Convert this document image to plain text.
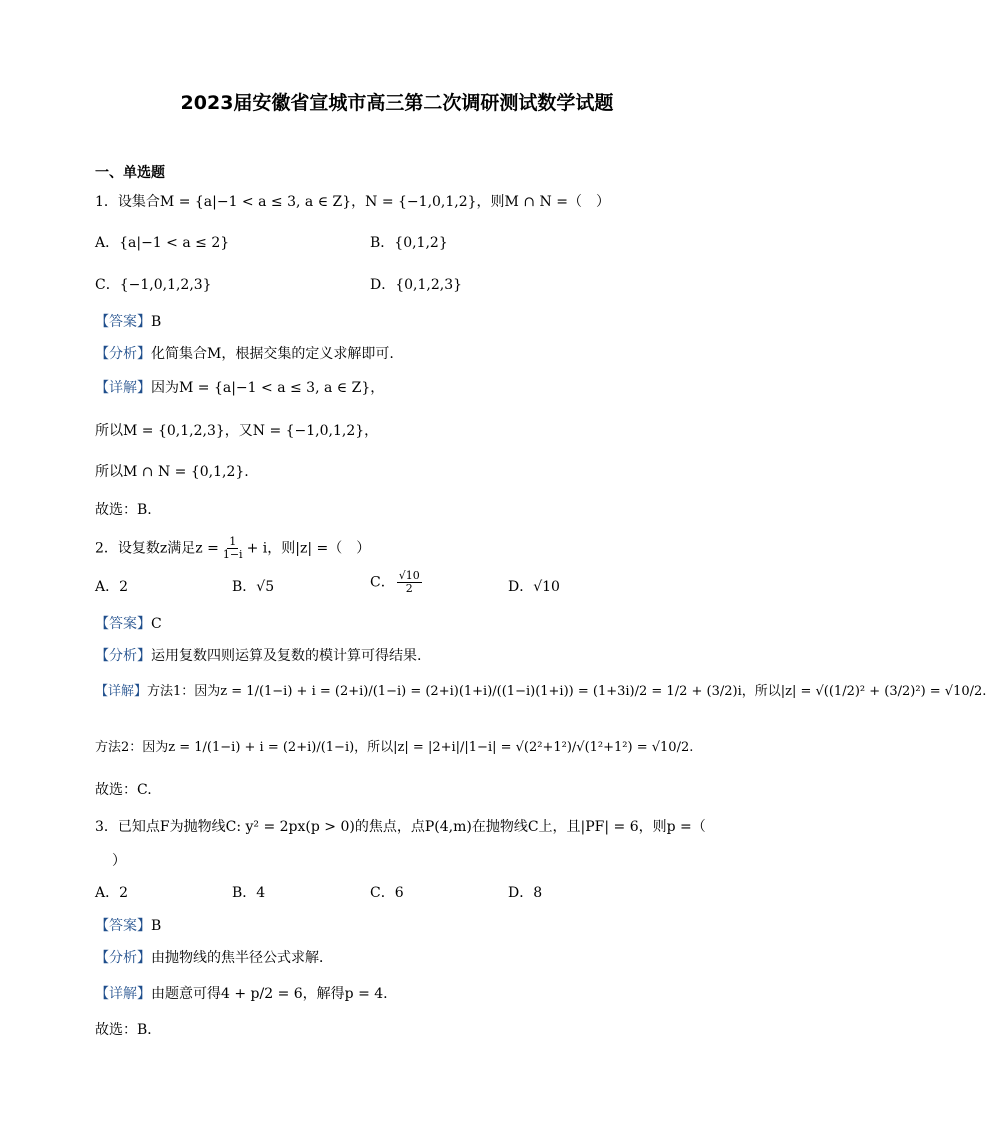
2023届安徽省宣城市高三第二次调研测试数学试题
一、单选题
1．设集合M = {a|−1 < a ≤ 3, a ∈ Z}，N = {−1,0,1,2}，则M ∩ N =（　）
A．{a|−1 < a ≤ 2}	B．{0,1,2}
C．{−1,0,1,2,3}	D．{0,1,2,3}
【答案】B
【分析】化简集合M，根据交集的定义求解即可.
【详解】因为M = {a|−1 < a ≤ 3, a ∈ Z}，
所以M = {0,1,2,3}，又N = {−1,0,1,2}，
所以M ∩ N = {0,1,2}.
故选：B.
2．设复数z满足$z = \frac{1}{1-i} + i$，则|z| =（　）
A．2	B．√5	C． $\frac{√10}{2}$	D．√10
【答案】C
【分析】运用复数四则运算及复数的模计算可得结果.
【详解】方法1：因为z = 1/(1−i) + i = (2+i)/(1−i) = (2+i)(1+i)/((1−i)(1+i)) = (1+3i)/2 = 1/2 + (3/2)i，所以|z| = √((1/2)² + (3/2)²) = √10/2.
方法2：因为z = 1/(1−i) + i = (2+i)/(1−i)，所以|z| = |2+i|/|1−i| = √(2²+1²)/√(1²+1²) = √10/2.
故选：C.
3．已知点F为抛物线C: y² = 2px(p > 0)的焦点，点P(4,m)在抛物线C上，且|PF| = 6，则p =（
）
A．2	B．4	C．6	D．8
【答案】B
【分析】由抛物线的焦半径公式求解．
【详解】由题意可得4 + p/2 = 6，解得p = 4.
故选：B．
